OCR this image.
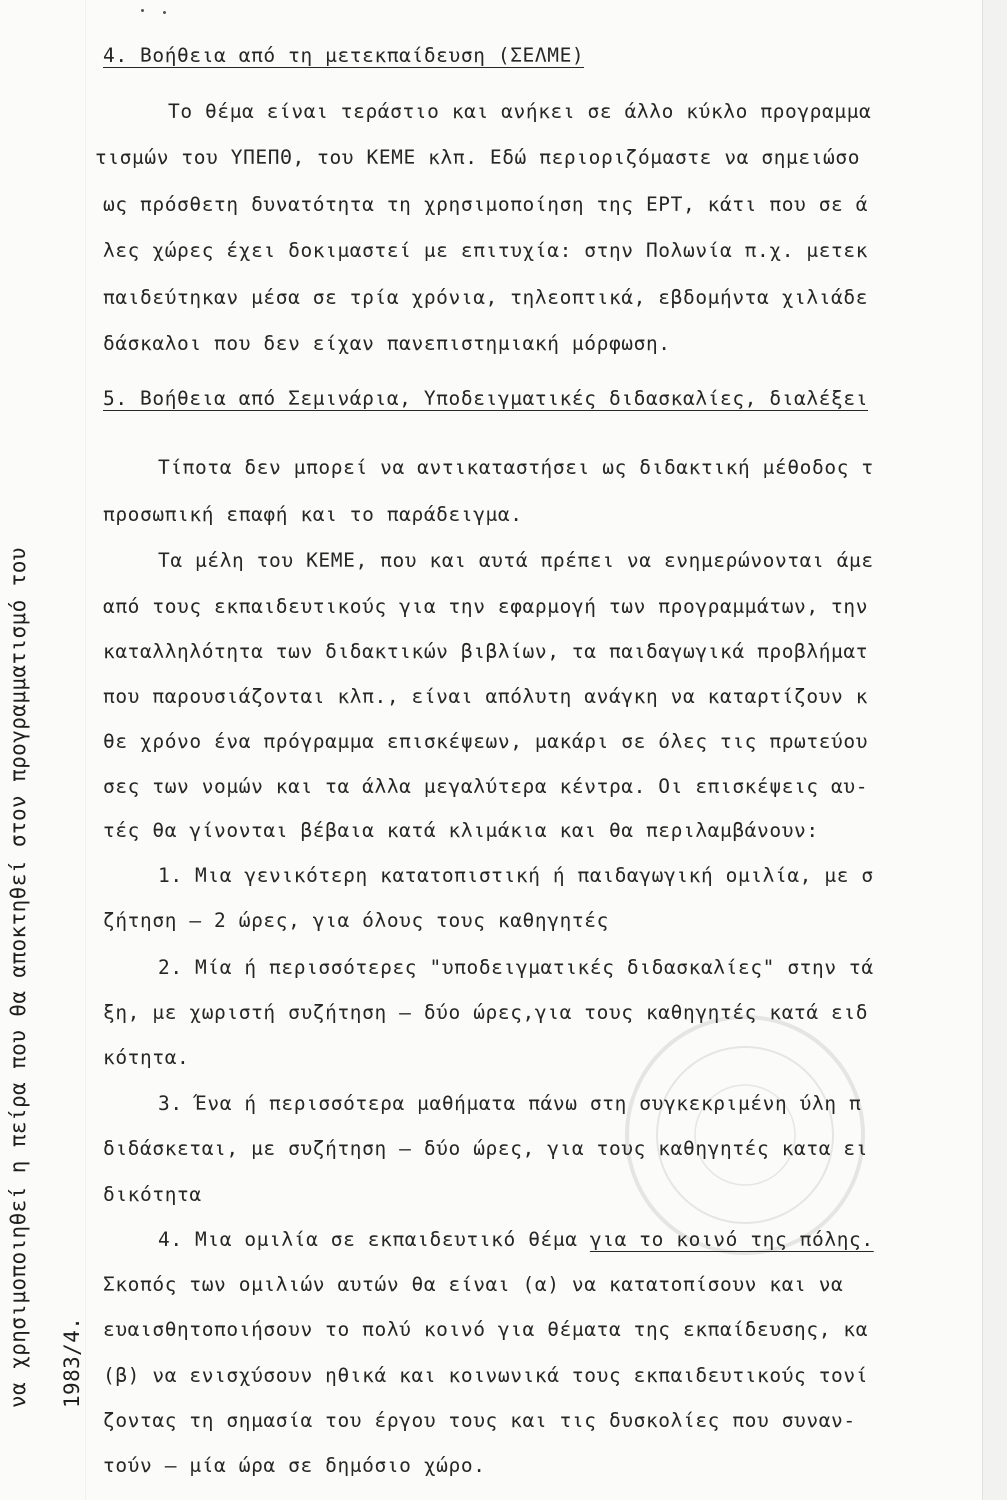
να χρησιμοποιηθεί η πείρα που θα αποκτηθεί στον προγραμματισμό του 1983/4.
4. Βοήθεια από τη μετεκπαίδευση (ΣΕΛΜΕ)
Το θέμα είναι τεράστιο και ανήκει σε άλλο κύκλο προγραμμα
τισμών του ΥΠΕΠΘ, του ΚΕΜΕ κλπ. Εδώ περιοριζόμαστε να σημειώσο
ως πρόσθετη δυνατότητα τη χρησιμοποίηση της ΕΡΤ, κάτι που σε ά
λες χώρες έχει δοκιμαστεί με επιτυχία: στην Πολωνία π.χ. μετεκ
παιδεύτηκαν μέσα σε τρία χρόνια, τηλεοπτικά, εβδομήντα χιλιάδε
δάσκαλοι που δεν είχαν πανεπιστημιακή μόρφωση.
5. Βοήθεια από Σεμινάρια, Υποδειγματικές διδασκαλίες, διαλέξει
Τίποτα δεν μπορεί να αντικαταστήσει ως διδακτική μέθοδος τ
προσωπική επαφή και το παράδειγμα.
Τα μέλη του ΚΕΜΕ, που και αυτά πρέπει να ενημερώνονται άμε
από τους εκπαιδευτικούς για την εφαρμογή των προγραμμάτων, την
καταλληλότητα των διδακτικών βιβλίων, τα παιδαγωγικά προβλήματ
που παρουσιάζονται κλπ., είναι απόλυτη ανάγκη να καταρτίζουν κ
θε χρόνο ένα πρόγραμμα επισκέψεων, μακάρι σε όλες τις πρωτεύου
σες των νομών και τα άλλα μεγαλύτερα κέντρα. Οι επισκέψεις αυ-
τές θα γίνονται βέβαια κατά κλιμάκια και θα περιλαμβάνουν:
1. Μια γενικότερη κατατοπιστική ή παιδαγωγική ομιλία, με σ
ζήτηση — 2 ώρες, για όλους τους καθηγητές
2. Μία ή περισσότερες "υποδειγματικές διδασκαλίες" στην τά
ξη, με χωριστή συζήτηση — δύο ώρες,για τους καθηγητές κατά ειδ
κότητα.
3. Ένα ή περισσότερα μαθήματα πάνω στη συγκεκριμένη ύλη π
διδάσκεται, με συζήτηση — δύο ώρες, για τους καθηγητές κατα ει
δικότητα
4. Μια ομιλία σε εκπαιδευτικό θέμα για το κοινό της πόλης.
Σκοπός των ομιλιών αυτών θα είναι (α) να κατατοπίσουν και να
ευαισθητοποιήσουν το πολύ κοινό για θέματα της εκπαίδευσης, κα
(β) να ενισχύσουν ηθικά και κοινωνικά τους εκπαιδευτικούς τονί
ζοντας τη σημασία του έργου τους και τις δυσκολίες που συναν-
τούν — μία ώρα σε δημόσιο χώρο.
